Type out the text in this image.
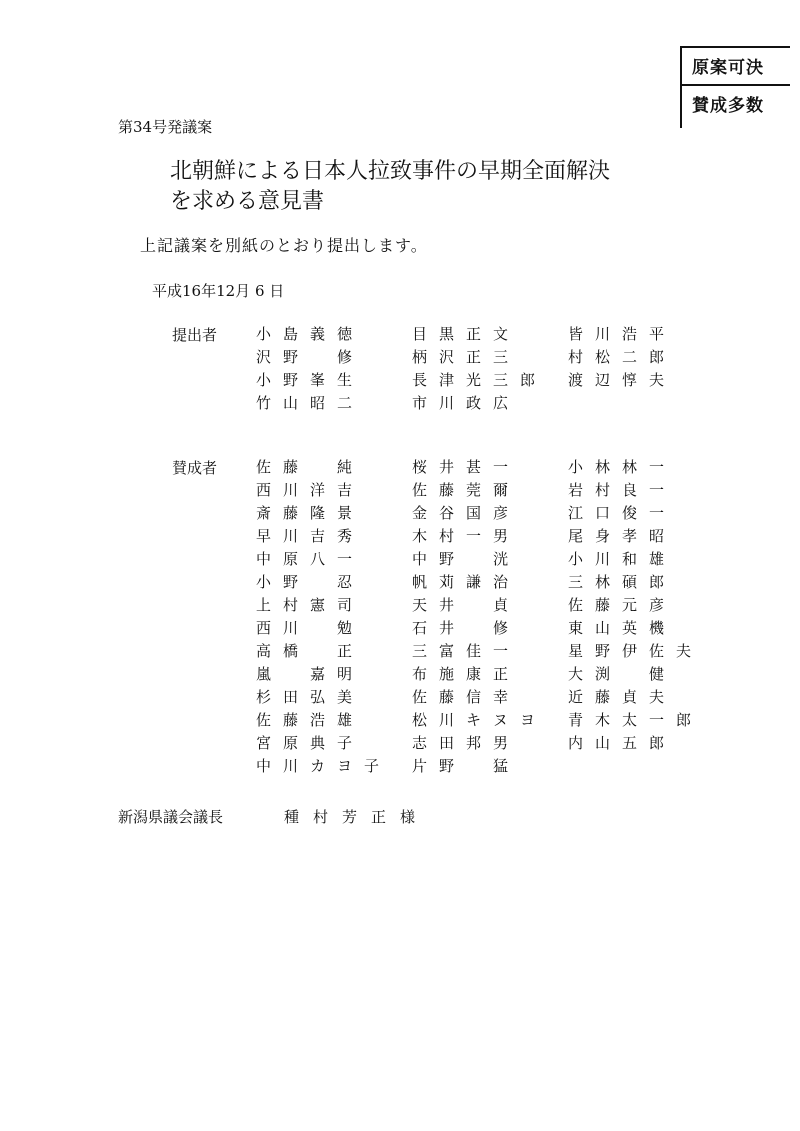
原案可決
賛成多数
第34号発議案
北朝鮮による日本人拉致事件の早期全面解決
を求める意見書
上記議案を別紙のとおり提出します。
平成16年12月 6 日
提出者	小島義徳	目黒正文	皆川浩平
沢野　修	柄沢正三	村松二郎
小野峯生	長津光三郎 渡辺惇夫
竹山昭二	市川政広
賛成者	佐藤　純	桜井甚一	小林林一
西川洋吉	佐藤莞爾	岩村良一
斎藤隆景	金谷国彦	江口俊一
早川吉秀	木村一男	尾身孝昭
中原八一	中野　洸	小川和雄
小野　忍	帆苅謙治	三林碩郎
上村憲司	天井　貞	佐藤元彦
西川　勉	石井　修	東山英機
高橋　正	三富佳一	星野伊佐夫
嵐　嘉明	布施康正	大渕　健
杉田弘美	佐藤信幸	近藤貞夫
佐藤浩雄	松川キヌヨ 青木太一郎
宮原典子	志田邦男	内山五郎
中川カヨ子 片野　猛
新潟県議会議長	種村芳正様
